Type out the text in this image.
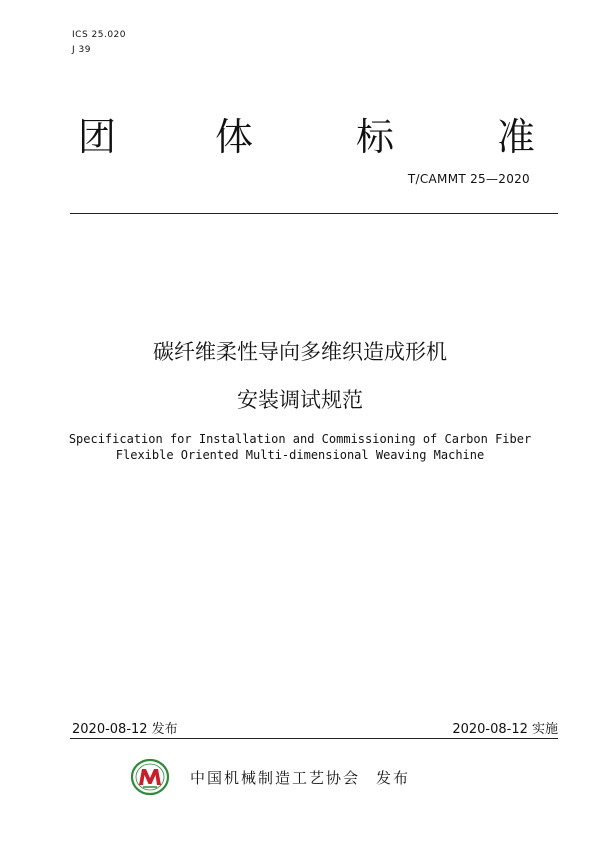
ICS 25.020
J 39
团	体	标	准
T/CAMMT 25—2020
碳纤维柔性导向多维织造成形机
安装调试规范
Specification for Installation and Commissioning of Carbon Fiber
Flexible Oriented Multi-dimensional Weaving Machine
2020-08-12 发布	2020-08-12 实施
中国机械制造工艺协会 发布
